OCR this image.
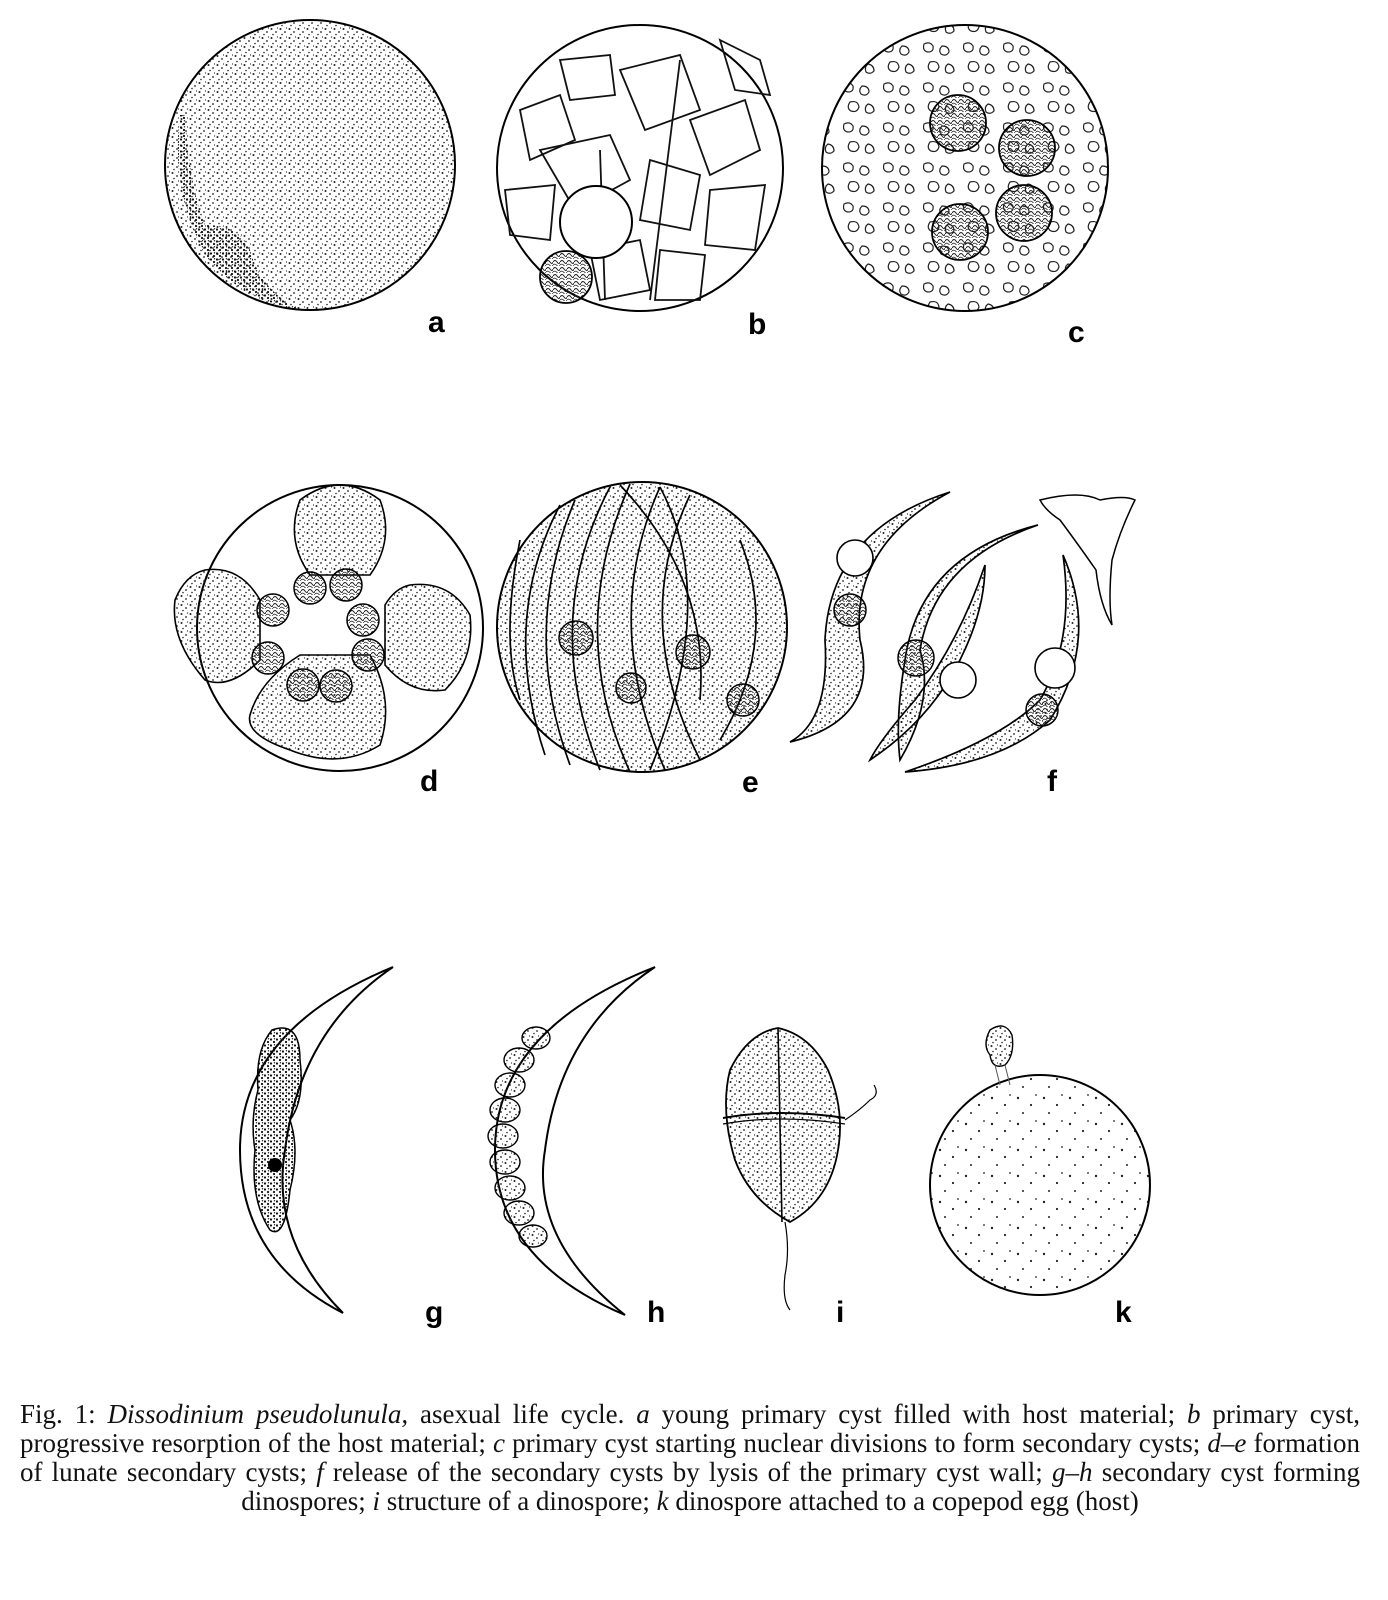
a	b	c
d	e	f
g	h	i	k
Fig. 1: Dissodinium pseudolunula, asexual life cycle. a young primary cyst filled with host material; b primary cyst, progressive resorption of the host material; c primary cyst starting nuclear divisions to form secondary cysts; d–e formation of lunate secondary cysts; f release of the secondary cysts by lysis of the primary cyst wall; g–h secondary cyst forming dinospores; i structure of a dinospore; k dinospore attached to a copepod egg (host)
